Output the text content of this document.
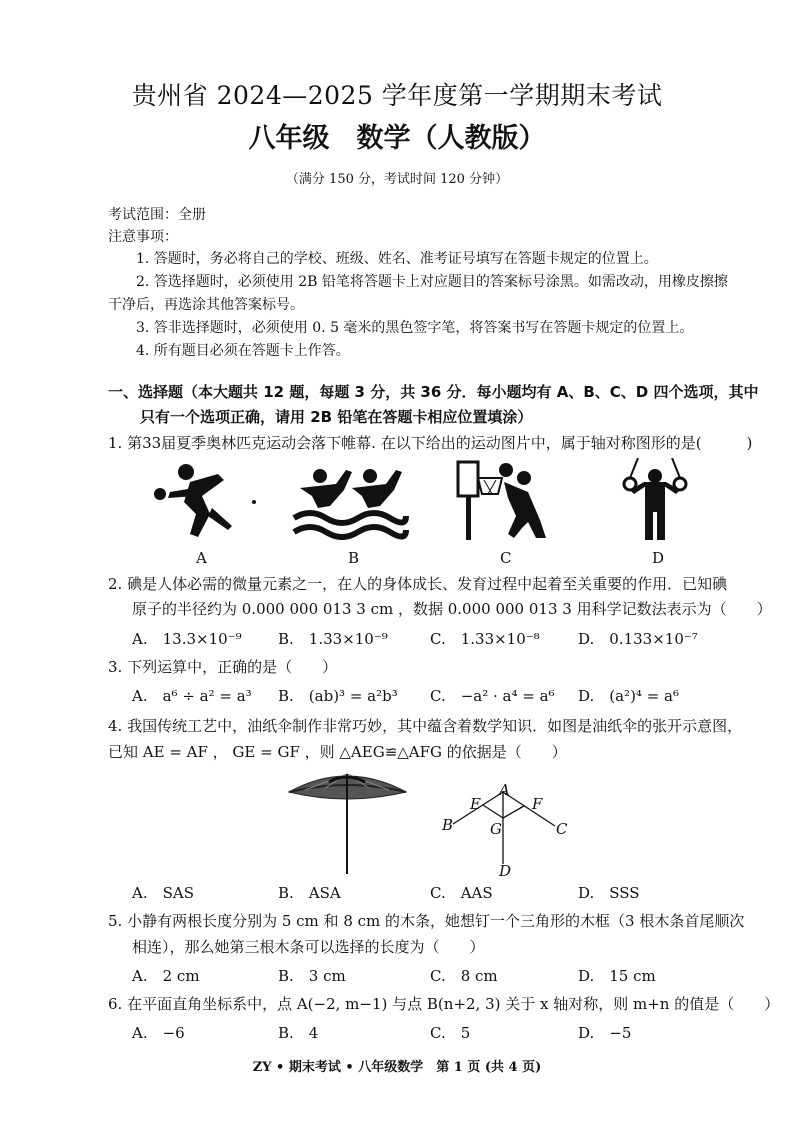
贵州省 2024—2025 学年度第一学期期末考试
八年级　数学（人教版）
（满分 150 分，考试时间 120 分钟）
考试范围：全册
注意事项：
1. 答题时，务必将自己的学校、班级、姓名、准考证号填写在答题卡规定的位置上。
2. 答选择题时，必须使用 2B 铅笔将答题卡上对应题目的答案标号涂黑。如需改动，用橡皮擦擦
干净后，再选涂其他答案标号。
3. 答非选择题时，必须使用 0. 5 毫米的黑色签字笔，将答案书写在答题卡规定的位置上。
4. 所有题目必须在答题卡上作答。
一、选择题（本大题共 12 题，每题 3 分，共 36 分．每小题均有 A、B、C、D 四个选项，其中
只有一个选项正确，请用 2B 铅笔在答题卡相应位置填涂）
1. 第33届夏季奥林匹克运动会落下帷幕. 在以下给出的运动图片中，属于轴对称图形的是(　　　)
A	B	C	D
2. 碘是人体必需的微量元素之一，在人的身体成长、发育过程中起着至关重要的作用．已知碘
原子的半径约为 0.000 000 013 3 cm ，数据 0.000 000 013 3 用科学记数法表示为（　　）
A.　13.3×10⁻⁹ B.　1.33×10⁻⁹	C.　1.33×10⁻⁸	D.　0.133×10⁻⁷
3. 下列运算中，正确的是（　　）
A.　a⁶ ÷ a² = a³ B.　(ab)³ = a²b³ C.　−a² · a⁴ = a⁶ D.　(a²)⁴ = a⁶
4. 我国传统工艺中，油纸伞制作非常巧妙，其中蕴含着数学知识．如图是油纸伞的张开示意图，
已知 AE = AF ， GE = GF ，则 △AEG≌△AFG 的依据是（　　）
A
E	F
B G	C
D
A.　SAS	B.　ASA	C.　AAS	D.　SSS
5. 小静有两根长度分别为 5 cm 和 8 cm 的木条，她想钉一个三角形的木框（3 根木条首尾顺次
相连），那么她第三根木条可以选择的长度为（　　）
A.　2 cm	B.　3 cm	C.　8 cm	D.　15 cm
6. 在平面直角坐标系中，点 A(−2, m−1) 与点 B(n+2, 3) 关于 x 轴对称，则 m+n 的值是（　　）
A.　−6	B.　4	C.　5	D.　−5
ZY • 期末考试 • 八年级数学　第 1 页 (共 4 页)
